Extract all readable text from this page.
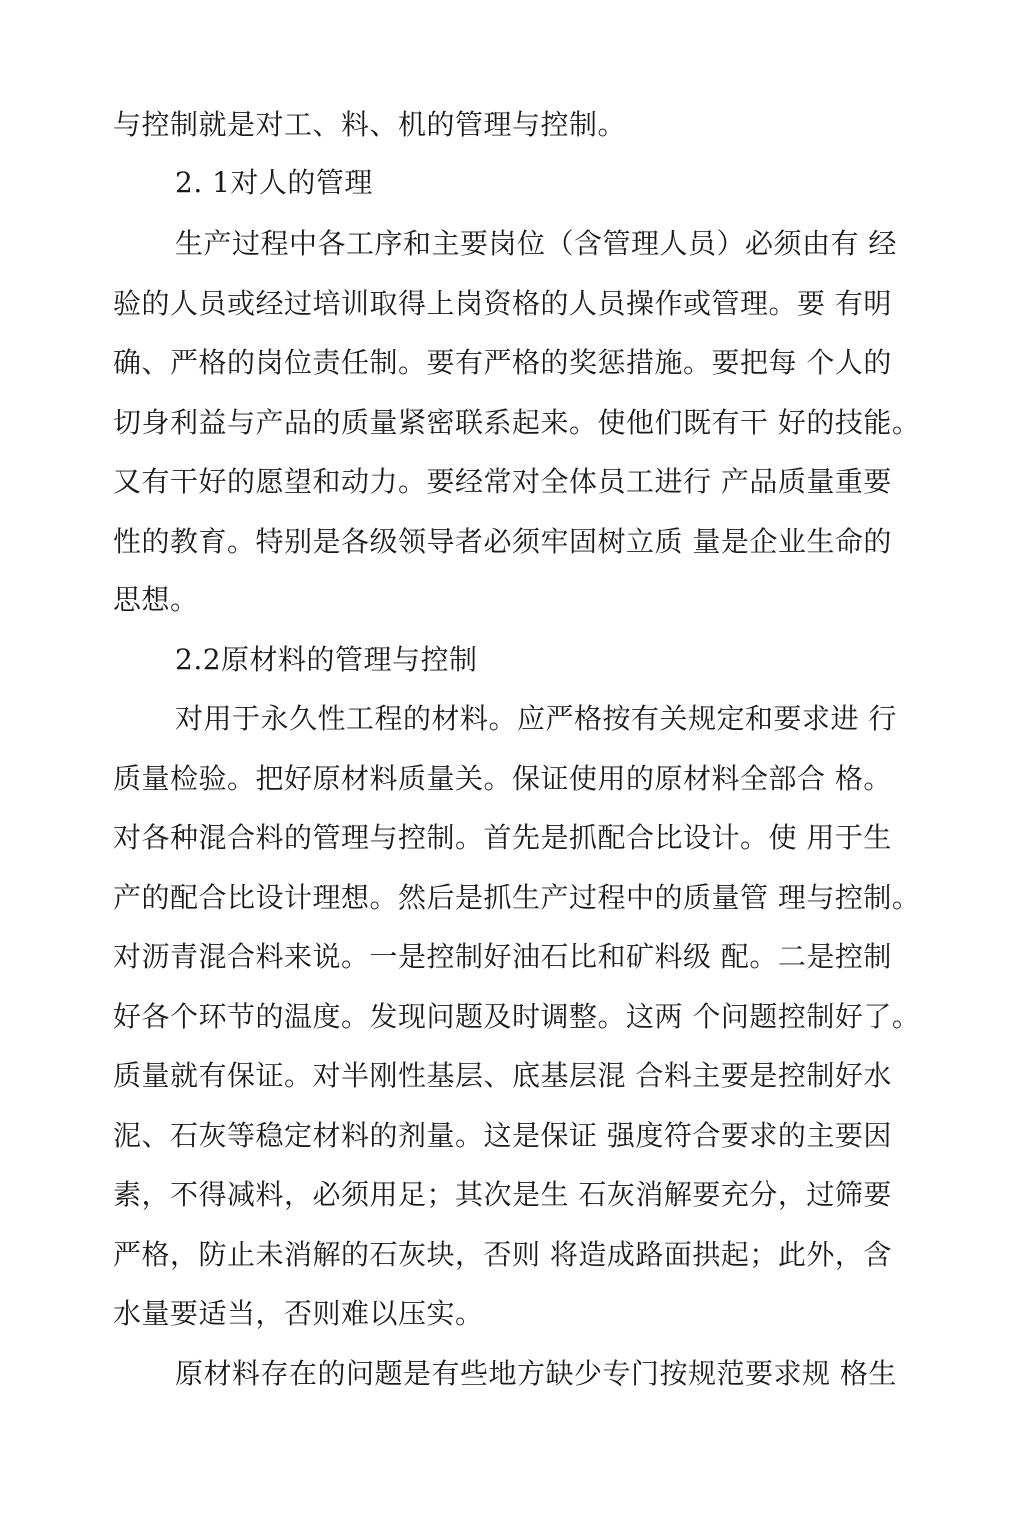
与控制就是对工、料、机的管理与控制。
2. 1对人的管理
生产过程中各工序和主要岗位（含管理人员）必须由有 经
验的人员或经过培训取得上岗资格的人员操作或管理。要 有明
确、严格的岗位责任制。要有严格的奖惩措施。要把每 个人的
切身利益与产品的质量紧密联系起来。使他们既有干 好的技能。
又有干好的愿望和动力。要经常对全体员工进行 产品质量重要
性的教育。特别是各级领导者必须牢固树立质 量是企业生命的
思想。
2.2原材料的管理与控制
对用于永久性工程的材料。应严格按有关规定和要求进 行
质量检验。把好原材料质量关。保证使用的原材料全部合 格。
对各种混合料的管理与控制。首先是抓配合比设计。使 用于生
产的配合比设计理想。然后是抓生产过程中的质量管 理与控制。
对沥青混合料来说。一是控制好油石比和矿料级 配。二是控制
好各个环节的温度。发现问题及时调整。这两 个问题控制好了。
质量就有保证。对半刚性基层、底基层混 合料主要是控制好水
泥、石灰等稳定材料的剂量。这是保证 强度符合要求的主要因
素，不得减料，必须用足；其次是生 石灰消解要充分，过筛要
严格，防止未消解的石灰块，否则 将造成路面拱起；此外，含
水量要适当，否则难以压实。
原材料存在的问题是有些地方缺少专门按规范要求规 格生
